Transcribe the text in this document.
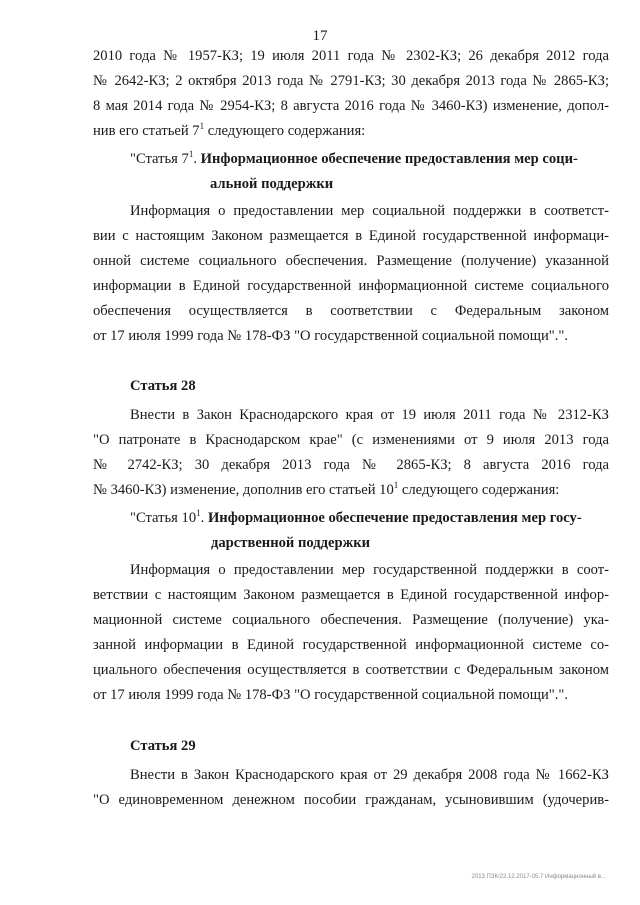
17
2010 года № 1957-КЗ; 19 июля 2011 года № 2302-КЗ; 26 декабря 2012 года
№ 2642-КЗ; 2 октября 2013 года № 2791-КЗ; 30 декабря 2013 года № 2865-КЗ;
8 мая 2014 года № 2954-КЗ; 8 августа 2016 года № 3460-КЗ) изменение, допол-
нив его статьей $7^1$ следующего содержания:
"Статья $7^1$. Информационное обеспечение предоставления мер соци-
альной поддержки
Информация о предоставлении мер социальной поддержки в соответст-
вии с настоящим Законом размещается в Единой государственной информаци-
онной системе социального обеспечения. Размещение (получение) указанной
информации в Единой государственной информационной системе социального
обеспечения осуществляется в соответствии с Федеральным законом
от 17 июля 1999 года № 178-ФЗ "О государственной социальной помощи".".
Статья 28
Внести в Закон Краснодарского края от 19 июля 2011 года № 2312-КЗ
"О патронате в Краснодарском крае" (с изменениями от 9 июля 2013 года
№ 2742-КЗ; 30 декабря 2013 года № 2865-КЗ; 8 августа 2016 года
№ 3460-КЗ) изменение, дополнив его статьей $10^1$ следующего содержания:
"Статья $10^1$. Информационное обеспечение предоставления мер госу-
дарственной поддержки
Информация о предоставлении мер государственной поддержки в соот-
ветствии с настоящим Законом размещается в Единой государственной инфор-
мационной системе социального обеспечения. Размещение (получение) ука-
занной информации в Единой государственной информационной системе со-
циального обеспечения осуществляется в соответствии с Федеральным законом
от 17 июля 1999 года № 178-ФЗ "О государственной социальной помощи".".
Статья 29
Внести в Закон Краснодарского края от 29 декабря 2008 года № 1662-КЗ
"О единовременном денежном пособии гражданам, усыновившим (удочерив-
2013 ПЗК/22.12.2017-05.7 Информационный в...
